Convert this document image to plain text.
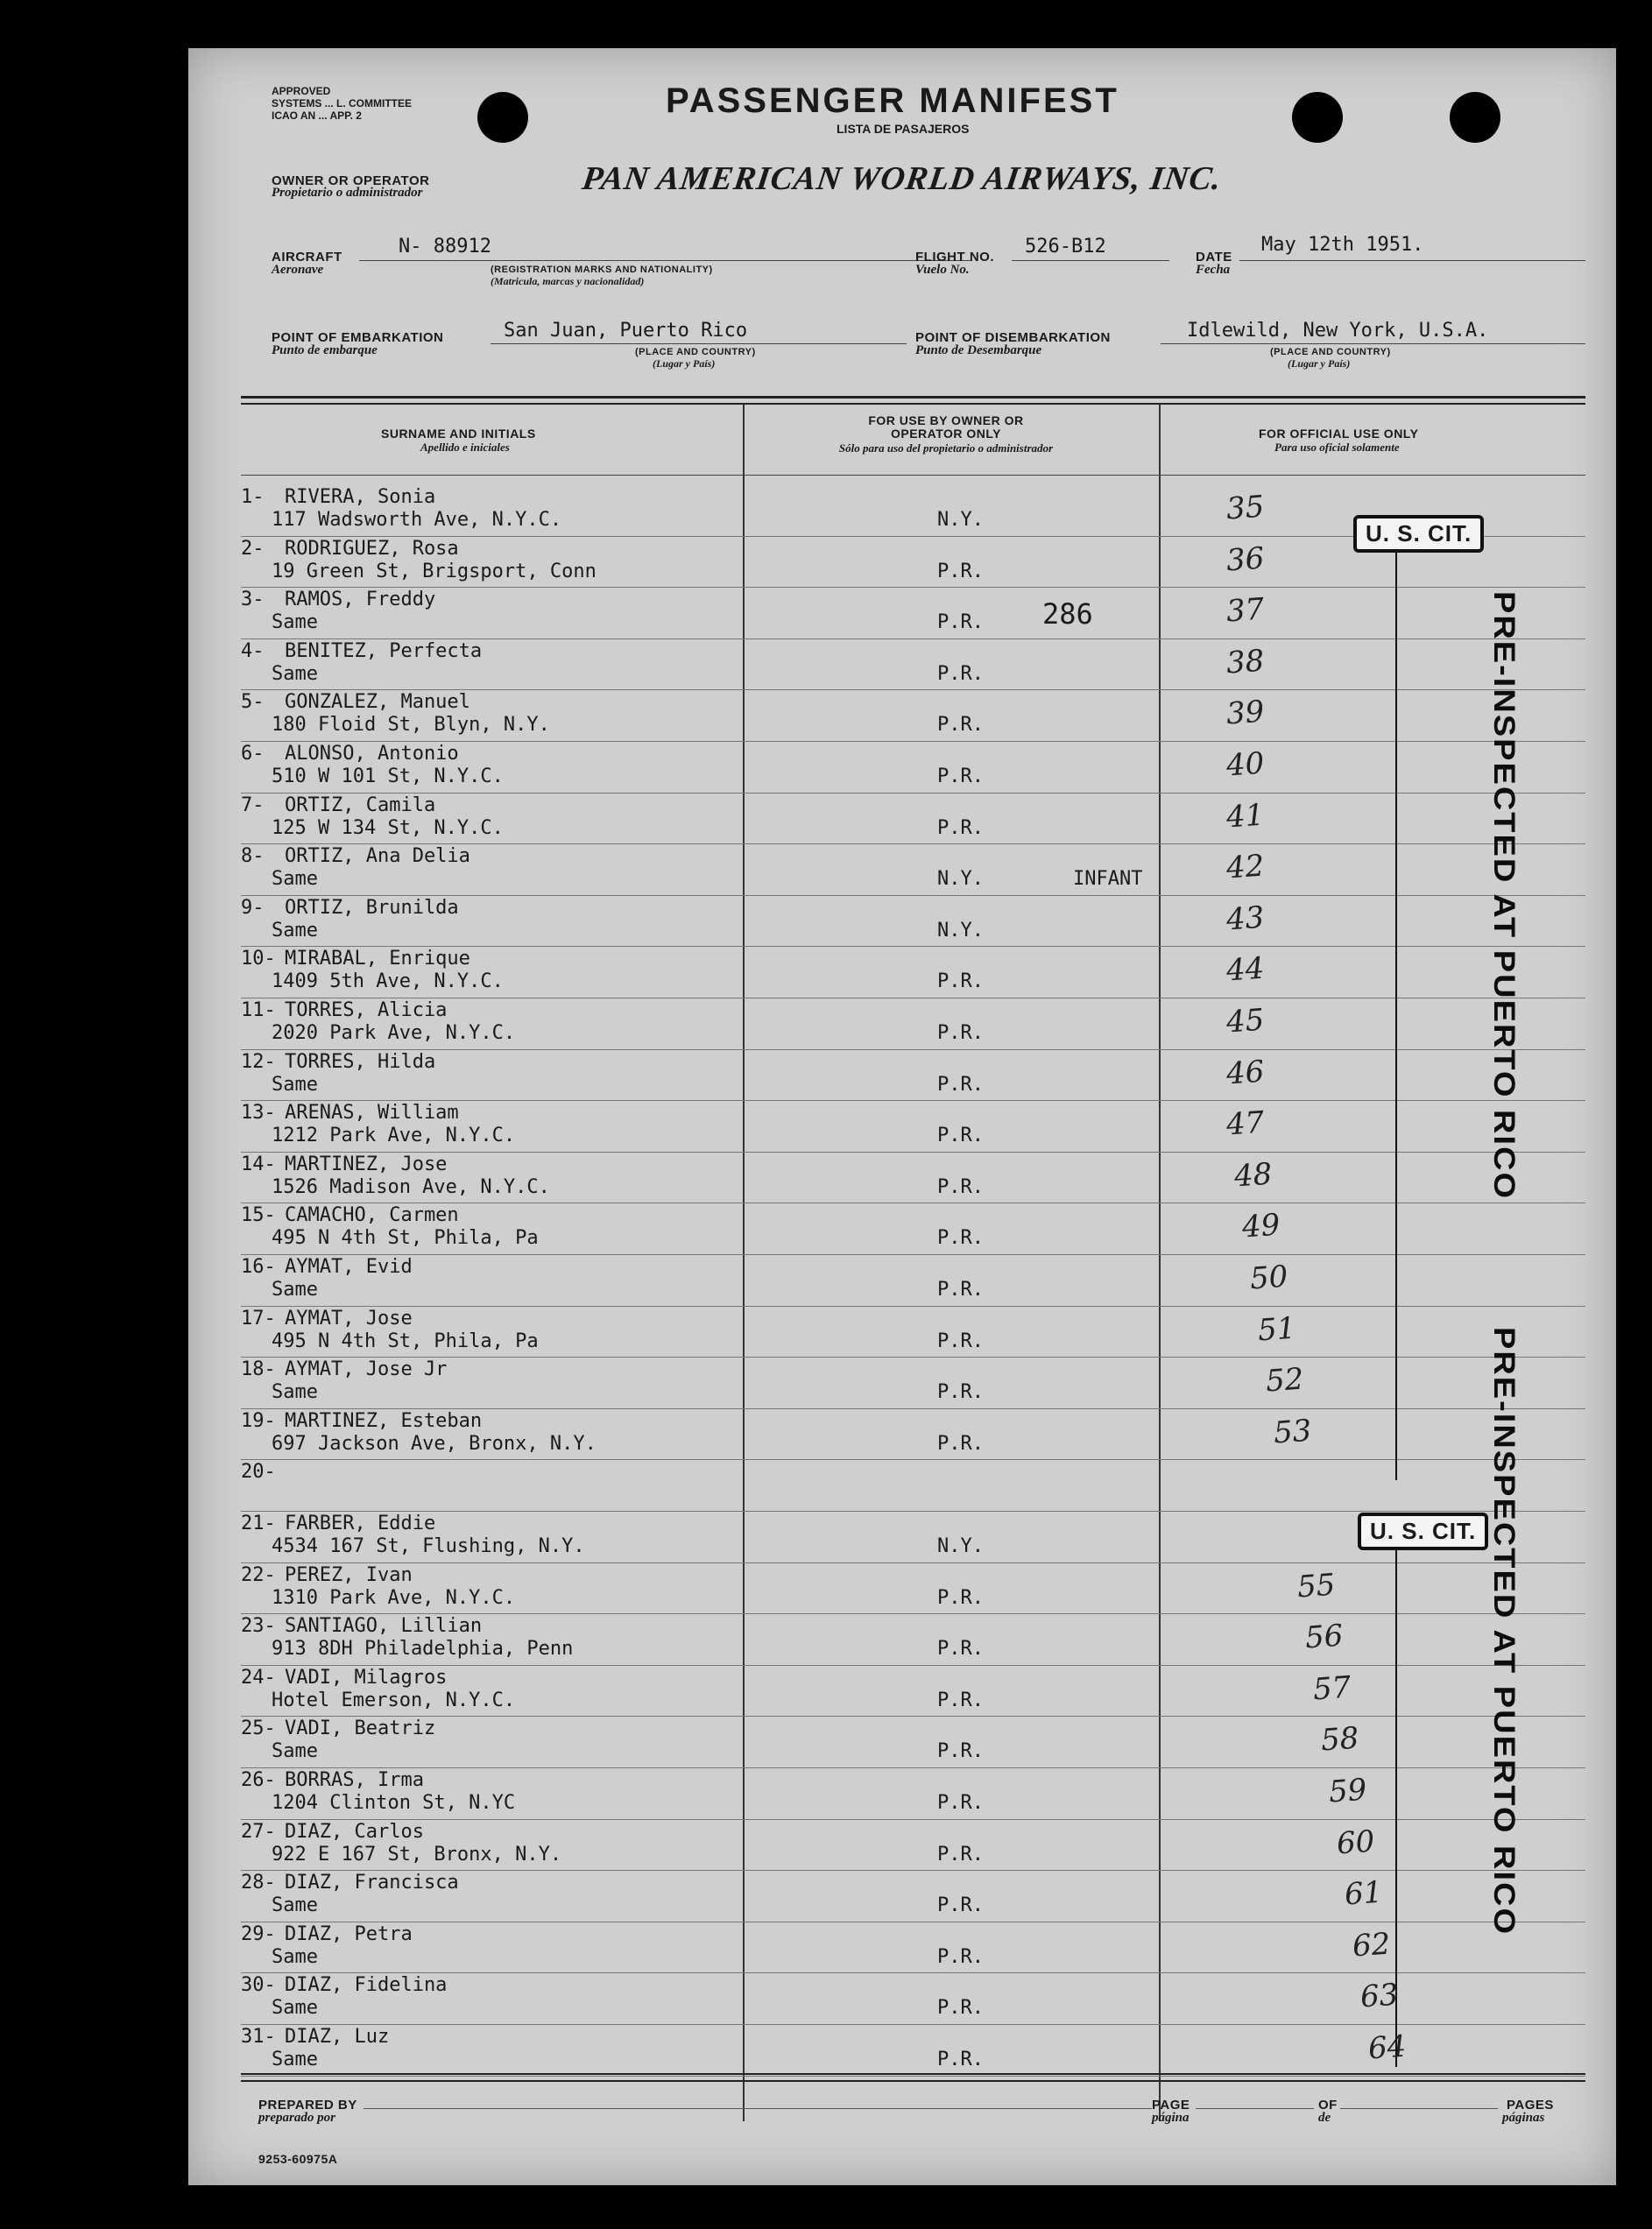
APPROVED
SYSTEMS ... L. COMMITTEE
ICAO AN ... APP. 2	PASSENGER MANIFEST
LISTA DE PASAJEROS
OWNER OR OPERATOR
Propietario o administrador	PAN AMERICAN WORLD AIRWAYS, INC.
AIRCRAFT
Aeronave
N- 88912
(REGISTRATION MARKS AND NATIONALITY)
(Matricula, marcas y nacionalidad)
FLIGHT NO.
Vuelo No.
526-B12	DATE
Fecha
May 12th 1951.
POINT OF EMBARKATION
Punto de embarque
San Juan, Puerto Rico
(PLACE AND COUNTRY)
(Lugar y País)
POINT OF DISEMBARKATION
Punto de Desembarque
Idlewild, New York, U.S.A.
(PLACE AND COUNTRY)
(Lugar y País)
SURNAME AND INITIALS
Apellido e iniciales
FOR USE BY OWNER OR OPERATOR ONLY
Sólo para uso del propietario o administrador
FOR OFFICIAL USE ONLY
Para uso oficial solamente
1- RIVERA, Sonia
117 Wadsworth Ave, N.Y.C.	N.Y.	35
2- RODRIGUEZ, Rosa
19 Green St, Brigsport, Conn	P.R.	36
3- RAMOS, Freddy
Same	P.R. 286	37
4- BENITEZ, Perfecta
Same	P.R.	38
5- GONZALEZ, Manuel
180 Floid St, Blyn, N.Y.	P.R.	39
6- ALONSO, Antonio
510 W 101 St, N.Y.C.	P.R.	40
7- ORTIZ, Camila
125 W 134 St, N.Y.C.	P.R.	41
8- ORTIZ, Ana Delia
Same	N.Y.	INFANT	42
9- ORTIZ, Brunilda
Same	N.Y.	43
10- MIRABAL, Enrique
1409 5th Ave, N.Y.C.	P.R.	44
11- TORRES, Alicia
2020 Park Ave, N.Y.C.	P.R.	45
12- TORRES, Hilda
Same	P.R.	46
13- ARENAS, William
1212 Park Ave, N.Y.C.	P.R.	47
14- MARTINEZ, Jose
1526 Madison Ave, N.Y.C.	P.R.	48
15- CAMACHO, Carmen
495 N 4th St, Phila, Pa	P.R.	49
16- AYMAT, Evid
Same	P.R.	50
17- AYMAT, Jose
495 N 4th St, Phila, Pa	P.R.	51
18- AYMAT, Jose Jr
Same	P.R.	52
19- MARTINEZ, Esteban
697 Jackson Ave, Bronx, N.Y.	P.R.	53
20-
21- FARBER, Eddie
4534 167 St, Flushing, N.Y.	N.Y.
22- PEREZ, Ivan
1310 Park Ave, N.Y.C.	P.R.	55
23- SANTIAGO, Lillian
913 8DH Philadelphia, Penn	P.R.	56
24- VADI, Milagros
Hotel Emerson, N.Y.C.	P.R.	57
25- VADI, Beatriz
Same	P.R.	58
26- BORRAS, Irma
1204 Clinton St, N.YC	P.R.	59
27- DIAZ, Carlos
922 E 167 St, Bronx, N.Y.	P.R.	60
28- DIAZ, Francisca
Same	P.R.	61
29- DIAZ, Petra
Same	P.R.	62
30- DIAZ, Fidelina
Same	P.R.	63
31- DIAZ, Luz
Same	P.R.	64
U. S. CIT.
U. S. CIT.
PRE-INSPECTED AT PUERTO RICO
PRE-INSPECTED AT PUERTO RICO
PREPARED BY
preparado por
PAGE
página
OF
de
PAGES
páginas
9253-60975A
